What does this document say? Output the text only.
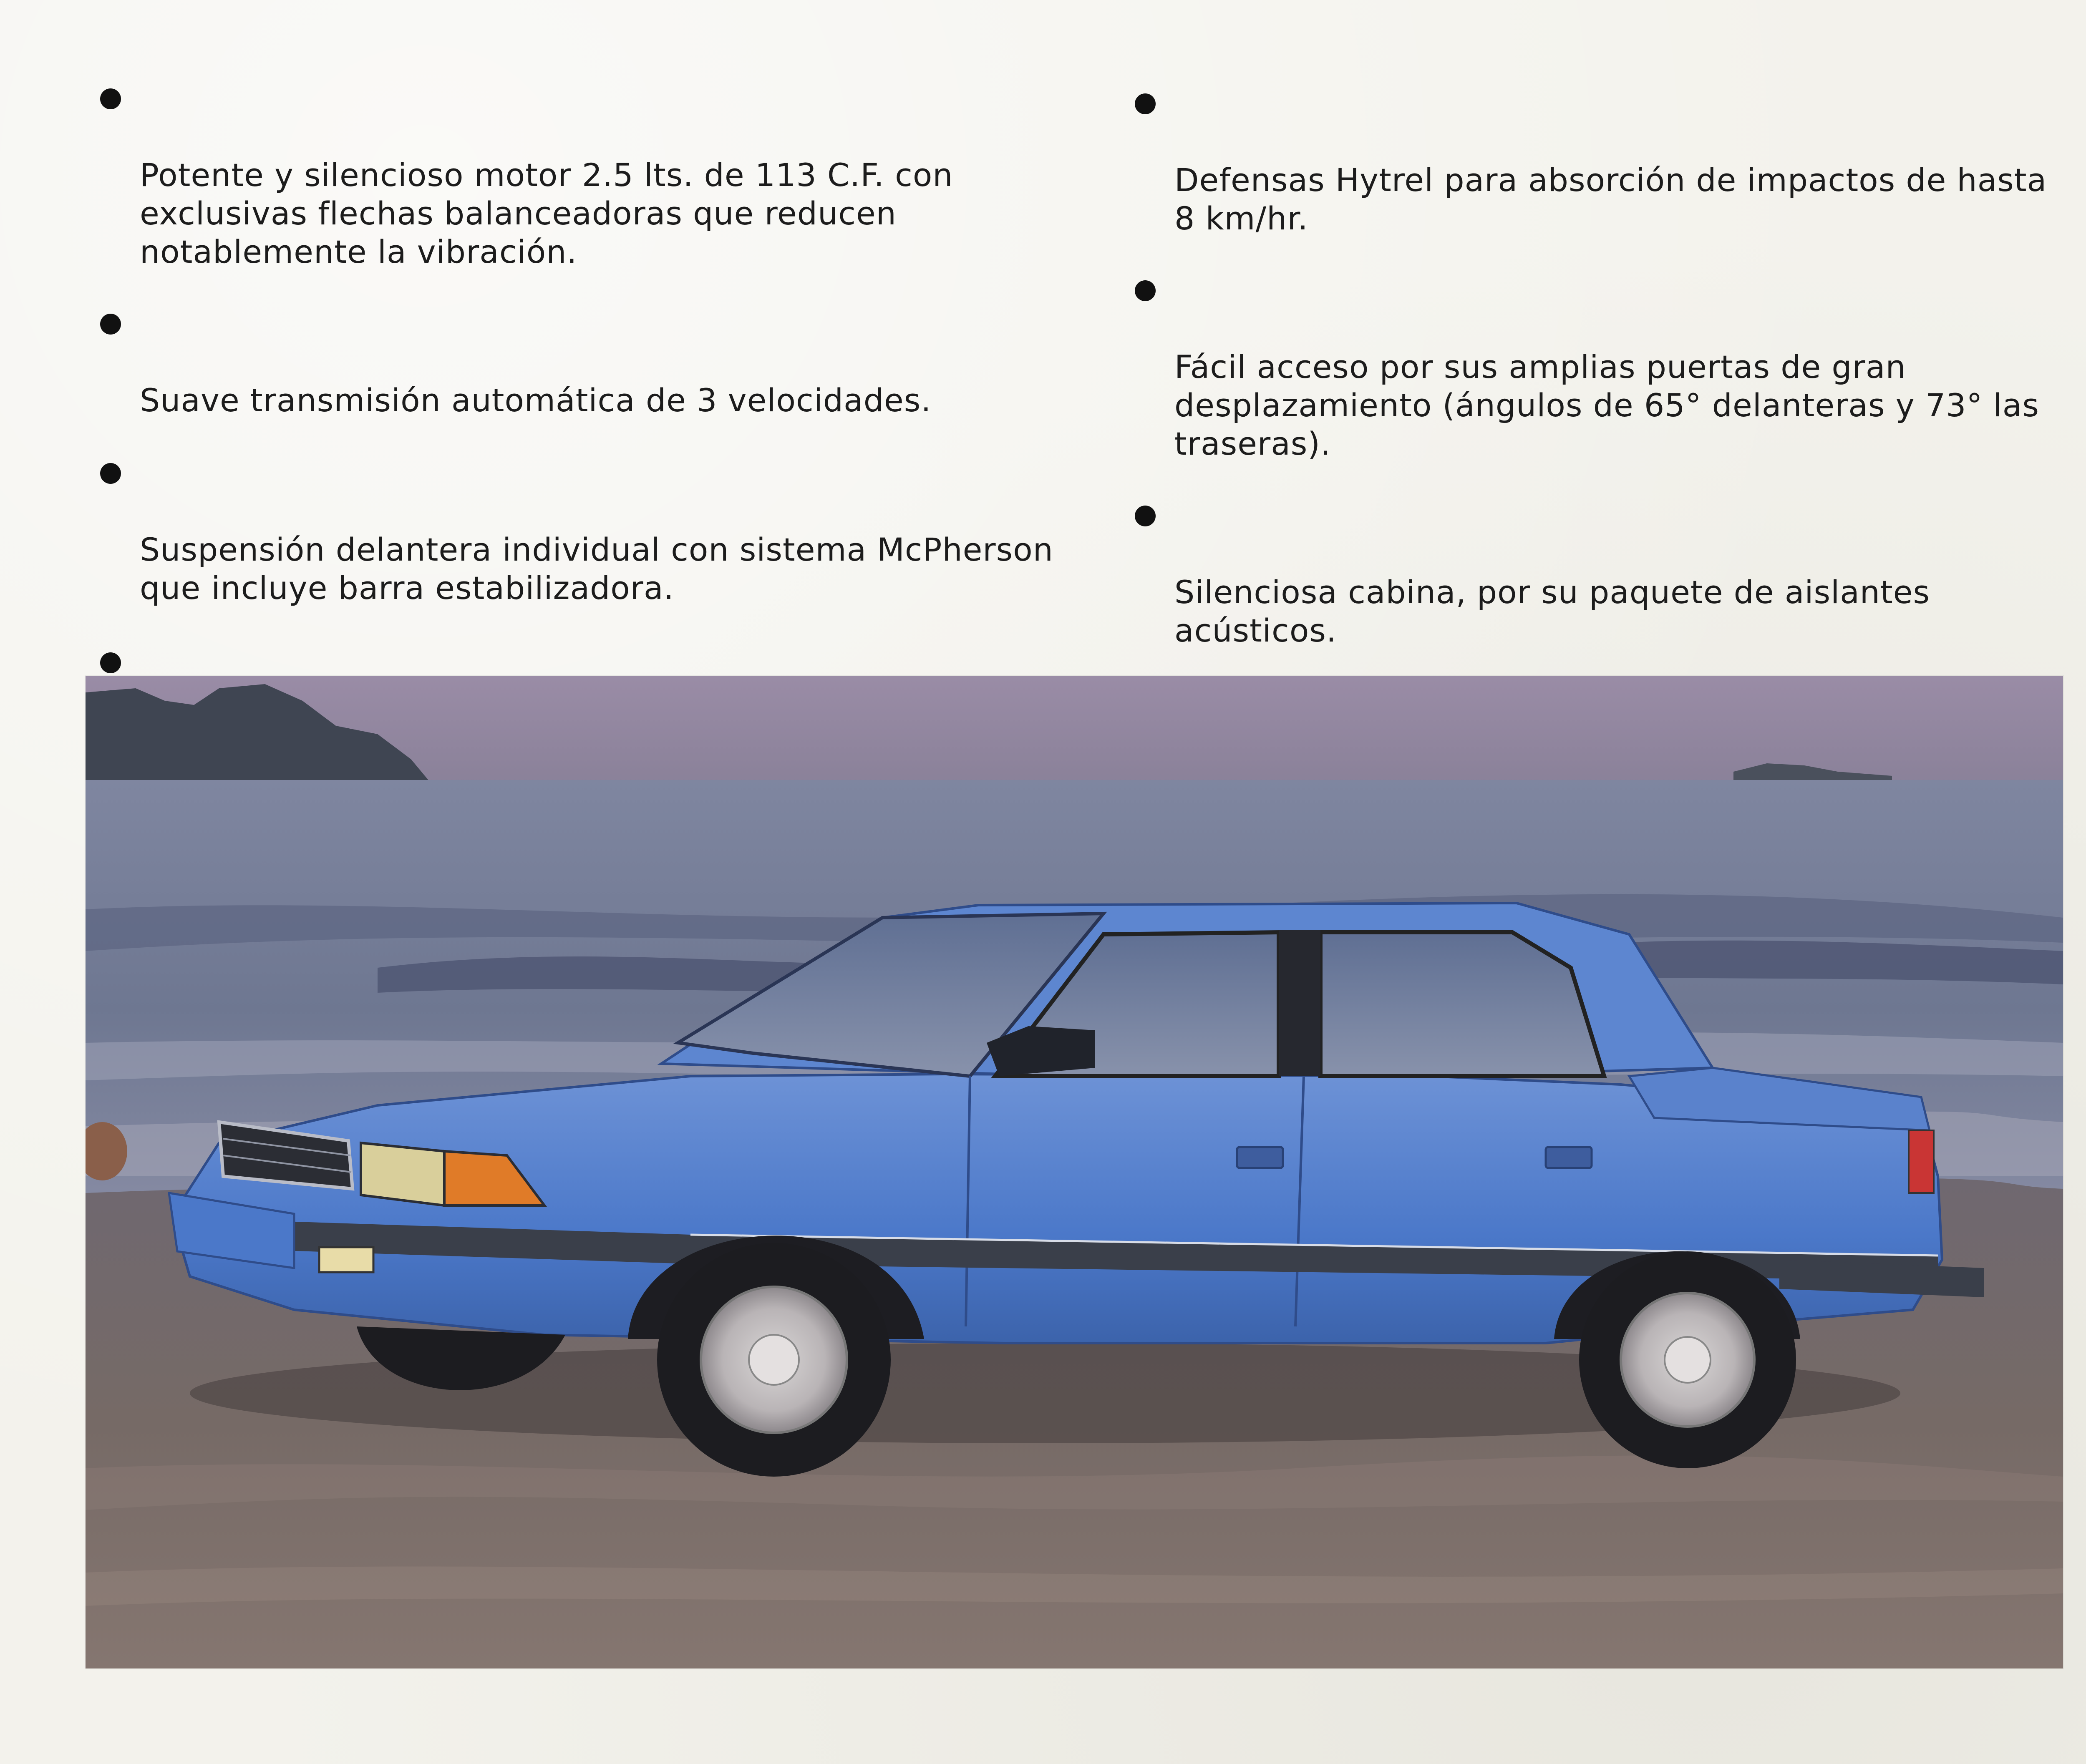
Potente y silencioso motor 2.5 lts. de 113 C.F. con
exclusivas flechas balanceadoras que reducen
notablemente la vibración.

Suave transmisión automática de 3 velocidades.

Suspensión delantera individual con sistema McPherson
que incluye barra estabilizadora.

Defensas Hytrel para absorción de impactos de hasta
8 km/hr.

Fácil acceso por sus amplias puertas de gran
desplazamiento (ángulos de 65° delanteras y 73° las
traseras).

Silenciosa cabina, por su paquete de aislantes acústicos.
